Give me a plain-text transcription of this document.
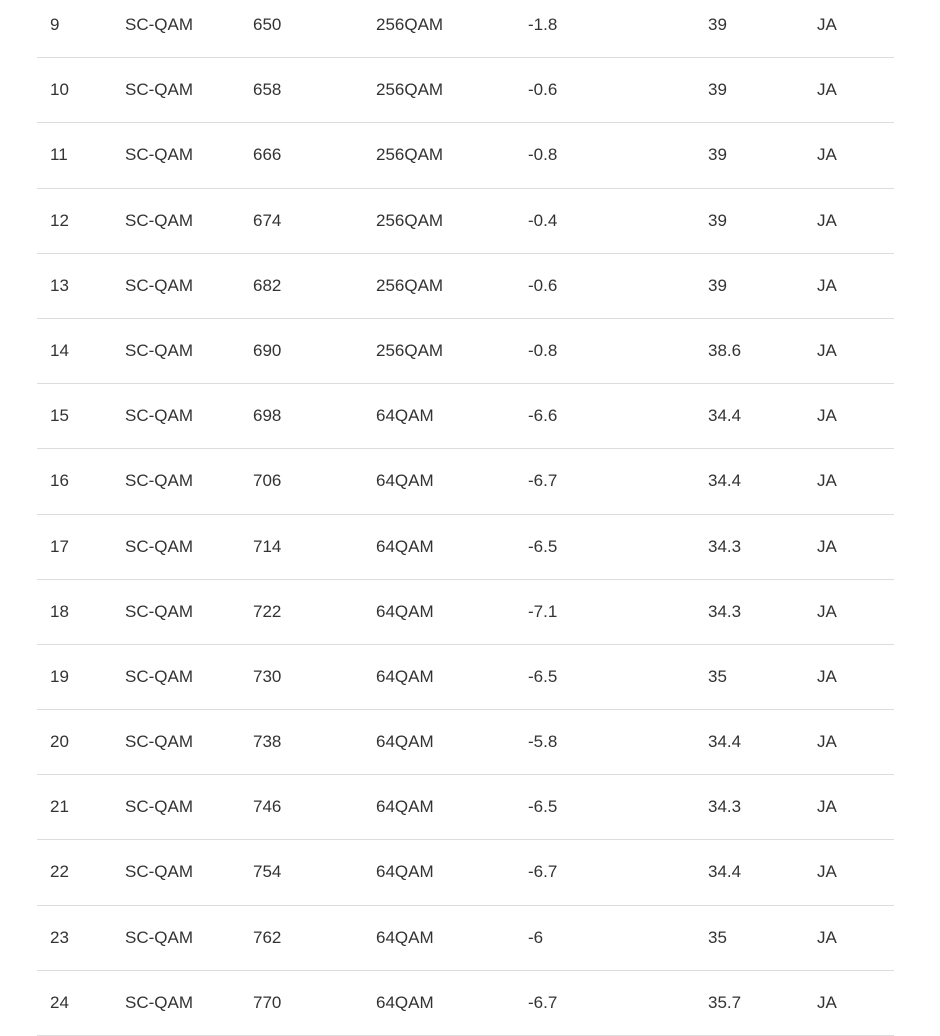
9	SC-QAM	650	256QAM	-1.8	39	JA
10	SC-QAM	658	256QAM	-0.6	39	JA
11	SC-QAM	666	256QAM	-0.8	39	JA
12	SC-QAM	674	256QAM	-0.4	39	JA
13	SC-QAM	682	256QAM	-0.6	39	JA
14	SC-QAM	690	256QAM	-0.8	38.6	JA
15	SC-QAM	698	64QAM	-6.6	34.4	JA
16	SC-QAM	706	64QAM	-6.7	34.4	JA
17	SC-QAM	714	64QAM	-6.5	34.3	JA
18	SC-QAM	722	64QAM	-7.1	34.3	JA
19	SC-QAM	730	64QAM	-6.5	35	JA
20	SC-QAM	738	64QAM	-5.8	34.4	JA
21	SC-QAM	746	64QAM	-6.5	34.3	JA
22	SC-QAM	754	64QAM	-6.7	34.4	JA
23	SC-QAM	762	64QAM	-6	35	JA
24	SC-QAM	770	64QAM	-6.7	35.7	JA
